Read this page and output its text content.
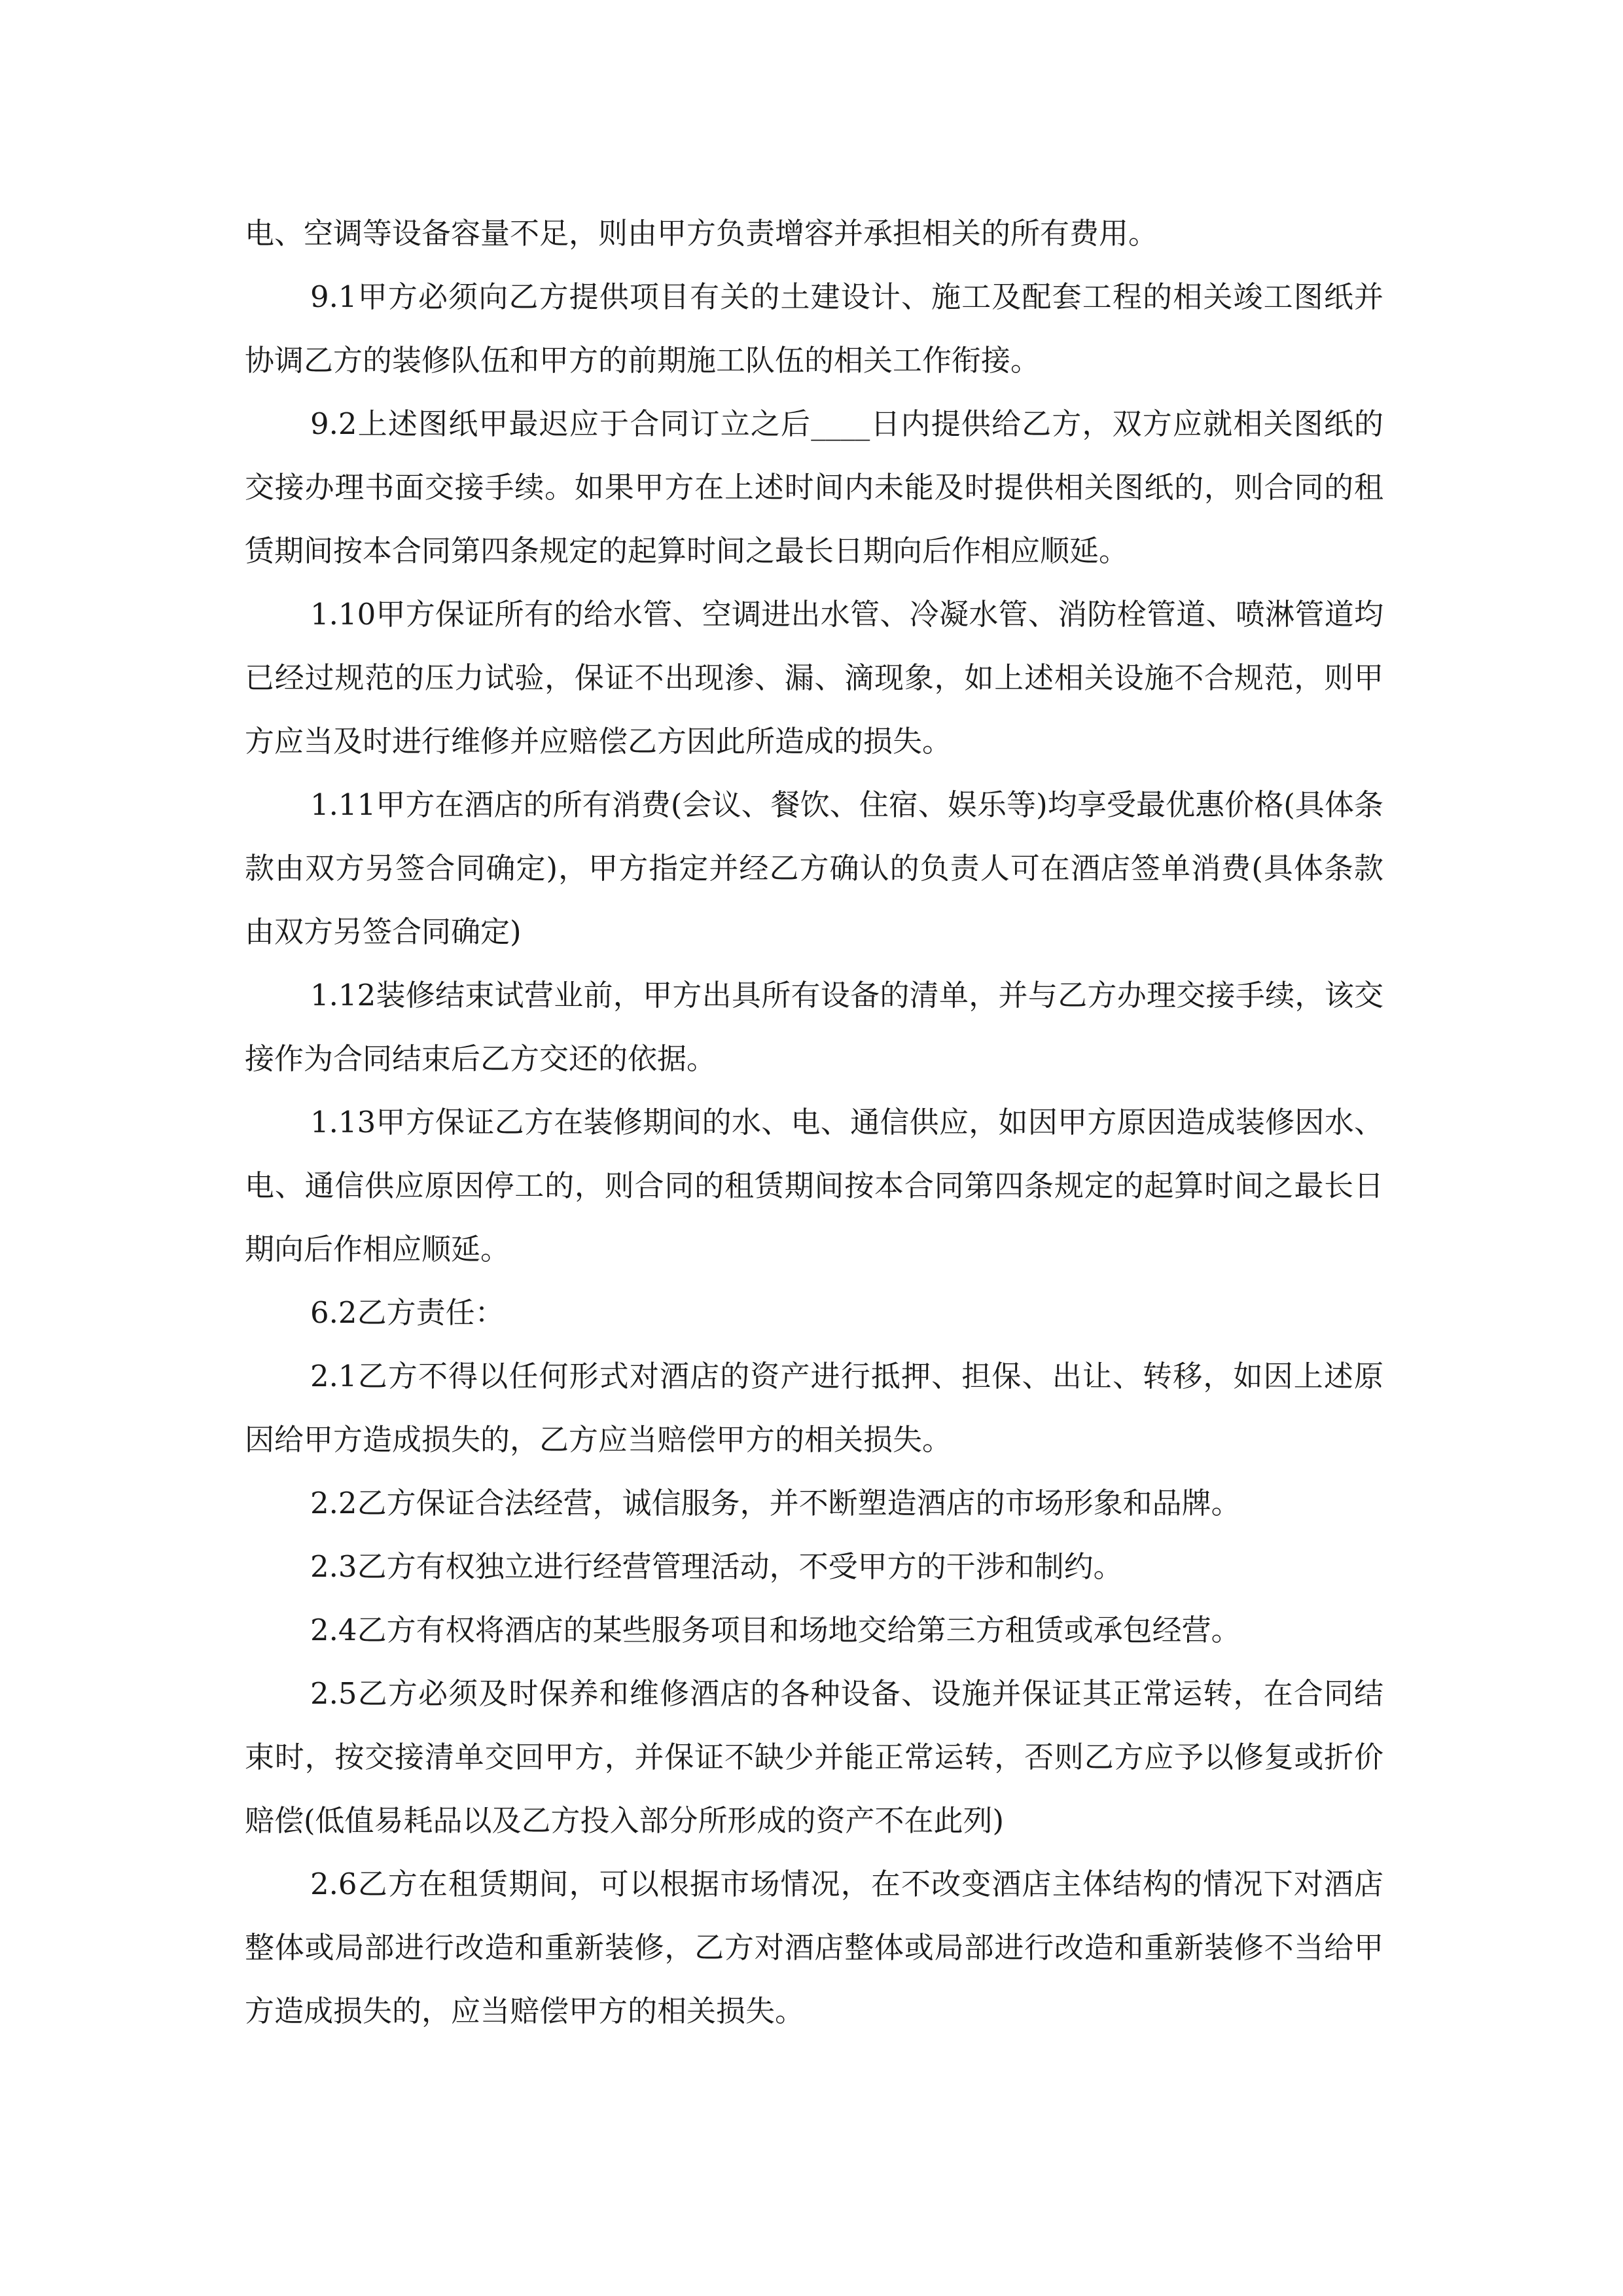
电、空调等设备容量不足，则由甲方负责增容并承担相关的所有费用。

9.1甲方必须向乙方提供项目有关的土建设计、施工及配套工程的相关竣工图纸并协调乙方的装修队伍和甲方的前期施工队伍的相关工作衔接。

9.2上述图纸甲最迟应于合同订立之后____日内提供给乙方，双方应就相关图纸的交接办理书面交接手续。如果甲方在上述时间内未能及时提供相关图纸的，则合同的租赁期间按本合同第四条规定的起算时间之最长日期向后作相应顺延。

1.10甲方保证所有的给水管、空调进出水管、冷凝水管、消防栓管道、喷淋管道均已经过规范的压力试验，保证不出现渗、漏、滴现象，如上述相关设施不合规范，则甲方应当及时进行维修并应赔偿乙方因此所造成的损失。

1.11甲方在酒店的所有消费(会议、餐饮、住宿、娱乐等)均享受最优惠价格(具体条款由双方另签合同确定)，甲方指定并经乙方确认的负责人可在酒店签单消费(具体条款由双方另签合同确定)

1.12装修结束试营业前，甲方出具所有设备的清单，并与乙方办理交接手续，该交接作为合同结束后乙方交还的依据。

1.13甲方保证乙方在装修期间的水、电、通信供应，如因甲方原因造成装修因水、电、通信供应原因停工的，则合同的租赁期间按本合同第四条规定的起算时间之最长日期向后作相应顺延。

6.2乙方责任：

2.1乙方不得以任何形式对酒店的资产进行抵押、担保、出让、转移，如因上述原因给甲方造成损失的，乙方应当赔偿甲方的相关损失。

2.2乙方保证合法经营，诚信服务，并不断塑造酒店的市场形象和品牌。

2.3乙方有权独立进行经营管理活动，不受甲方的干涉和制约。

2.4乙方有权将酒店的某些服务项目和场地交给第三方租赁或承包经营。

2.5乙方必须及时保养和维修酒店的各种设备、设施并保证其正常运转，在合同结束时，按交接清单交回甲方，并保证不缺少并能正常运转，否则乙方应予以修复或折价赔偿(低值易耗品以及乙方投入部分所形成的资产不在此列)

2.6乙方在租赁期间，可以根据市场情况，在不改变酒店主体结构的情况下对酒店整体或局部进行改造和重新装修，乙方对酒店整体或局部进行改造和重新装修不当给甲方造成损失的，应当赔偿甲方的相关损失。
